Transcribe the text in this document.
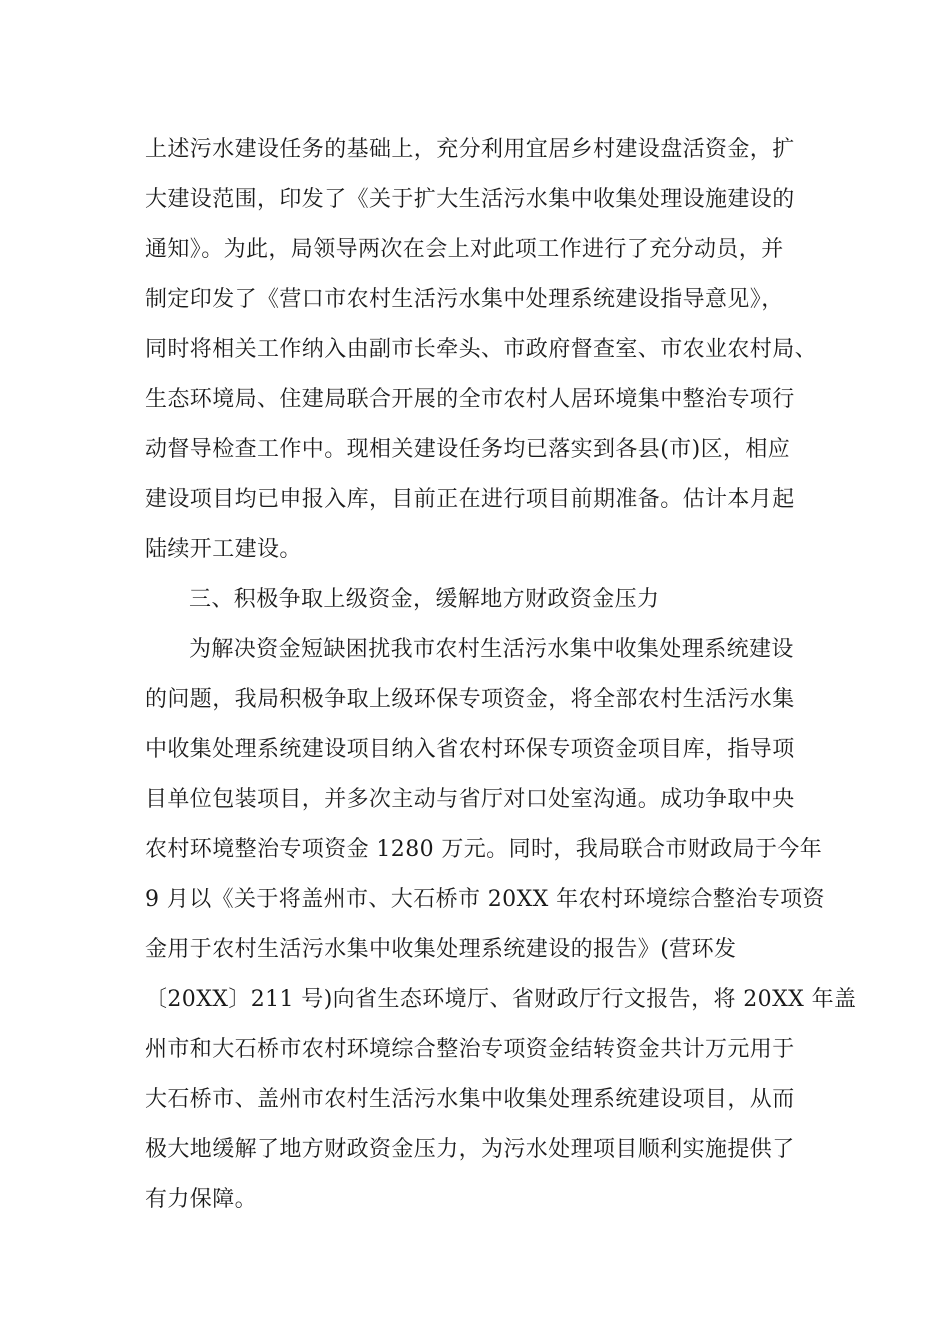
上述污水建设任务的基础上，充分利用宜居乡村建设盘活资金，扩
大建设范围，印发了《关于扩大生活污水集中收集处理设施建设的
通知》。为此，局领导两次在会上对此项工作进行了充分动员，并
制定印发了《营口市农村生活污水集中处理系统建设指导意见》，
同时将相关工作纳入由副市长牵头、市政府督查室、市农业农村局、
生态环境局、住建局联合开展的全市农村人居环境集中整治专项行
动督导检查工作中。现相关建设任务均已落实到各县(市)区，相应
建设项目均已申报入库，目前正在进行项目前期准备。估计本月起
陆续开工建设。
三、积极争取上级资金，缓解地方财政资金压力
为解决资金短缺困扰我市农村生活污水集中收集处理系统建设
的问题，我局积极争取上级环保专项资金，将全部农村生活污水集
中收集处理系统建设项目纳入省农村环保专项资金项目库，指导项
目单位包装项目，并多次主动与省厅对口处室沟通。成功争取中央
农村环境整治专项资金 1280 万元。同时，我局联合市财政局于今年
9 月以《关于将盖州市、大石桥市 20XX 年农村环境综合整治专项资
金用于农村生活污水集中收集处理系统建设的报告》(营环发
〔20XX〕211 号)向省生态环境厅、省财政厅行文报告，将 20XX 年盖
州市和大石桥市农村环境综合整治专项资金结转资金共计万元用于
大石桥市、盖州市农村生活污水集中收集处理系统建设项目，从而
极大地缓解了地方财政资金压力，为污水处理项目顺利实施提供了
有力保障。
